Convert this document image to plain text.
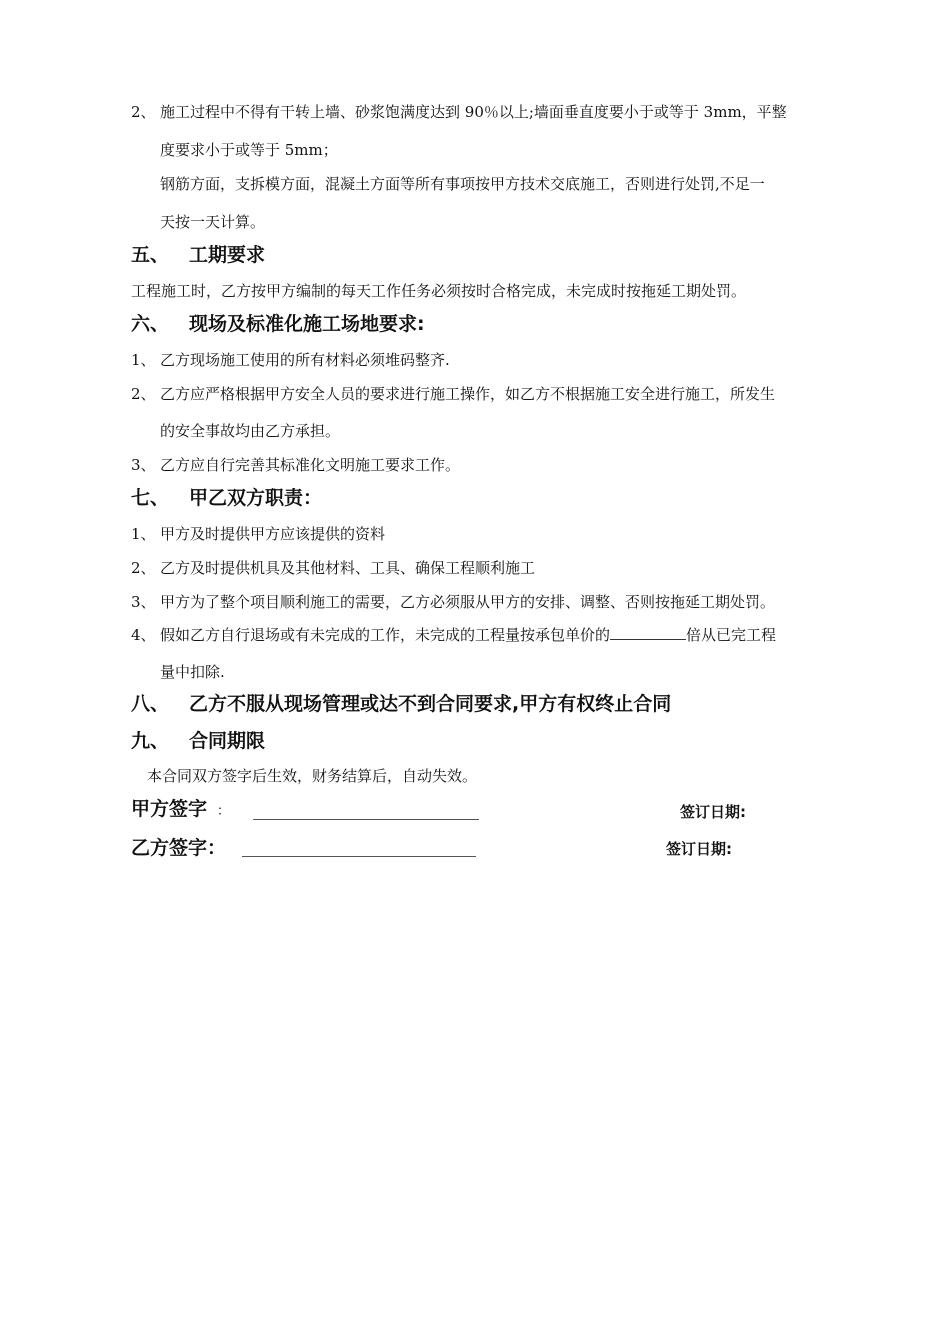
2、 施工过程中不得有干转上墙、砂浆饱满度达到 90％以上;墙面垂直度要小于或等于 3mm，平整
度要求小于或等于 5mm；
钢筋方面，支拆模方面，混凝土方面等所有事项按甲方技术交底施工，否则进行处罚,不足一
天按一天计算。
五、 工期要求
工程施工时，乙方按甲方编制的每天工作任务必须按时合格完成，未完成时按拖延工期处罚。
六、 现场及标准化施工场地要求:
1、 乙方现场施工使用的所有材料必须堆码整齐.
2、 乙方应严格根据甲方安全人员的要求进行施工操作，如乙方不根据施工安全进行施工，所发生
的安全事故均由乙方承担。
3、 乙方应自行完善其标准化文明施工要求工作。
七、 甲乙双方职责：
1、 甲方及时提供甲方应该提供的资料
2、 乙方及时提供机具及其他材料、工具、确保工程顺利施工
3、 甲方为了整个项目顺利施工的需要，乙方必须服从甲方的安排、调整、否则按拖延工期处罚。
4、 假如乙方自行退场或有未完成的工作，未完成的工程量按承包单价的	倍从已完工程
量中扣除.
八、 乙方不服从现场管理或达不到合同要求,甲方有权终止合同
九、 合同期限
本合同双方签字后生效，财务结算后，自动失效。
甲方签字 ：	签订日期:
乙方签字：	签订日期:
